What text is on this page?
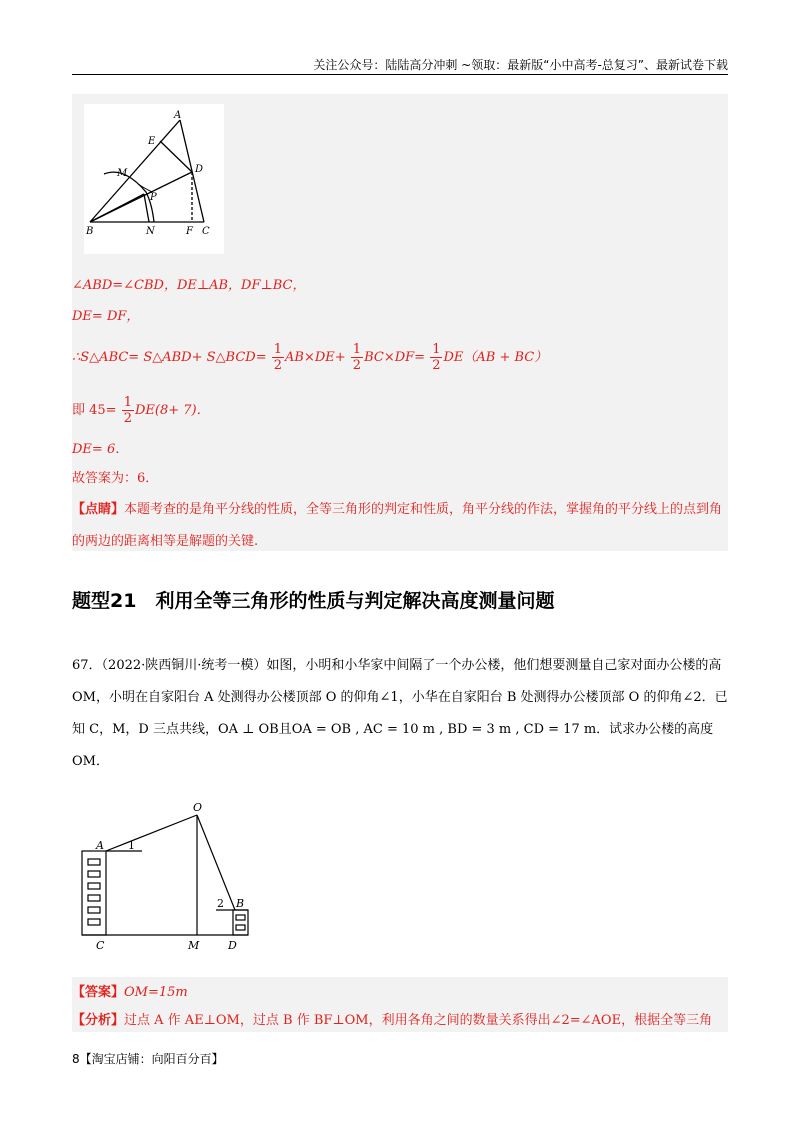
关注公众号：陆陆高分冲刺 ~领取：最新版“小中高考-总复习”、最新试卷下载
A
E
M	D
P
B	N	F C
∠ABD=∠CBD，DE⊥AB，DF⊥BC，
DE= DF，
∴S△ABC= S△ABD+ S△BCD= $\frac{1}{2} AB\times DE+ \frac{1}{2} BC\times DF= \frac{1}{2} DE(AB + BC)$
即 $45= \frac{1}{2} DE(8+ 7)$．
DE= 6．
故答案为：6．
【点睛】本题考查的是角平分线的性质，全等三角形的判定和性质，角平分线的作法，掌握角的平分线上的点到角的两边的距离相等是解题的关键.
题型21　利用全等三角形的性质与判定解决高度测量问题
67．（2022·陕西铜川·统考一模）如图，小明和小华家中间隔了一个办公楼，他们想要测量自己家对面办公楼的高OM，小明在自家阳台 A 处测得办公楼顶部 O 的仰角∠1，小华在自家阳台 B 处测得办公楼顶部 O 的仰角∠2．已知 C，M，D 三点共线，OA ⊥ OB且OA = OB , AC = 10 m , BD = 3 m , CD = 17 m．试求办公楼的高度OM．
O
A 1
2 B
C	M	D
【答案】OM=15m
【分析】过点 A 作 AE⊥OM，过点 B 作 BF⊥OM，利用各角之间的数量关系得出∠2=∠AOE，根据全等三角
8【淘宝店铺：向阳百分百】
